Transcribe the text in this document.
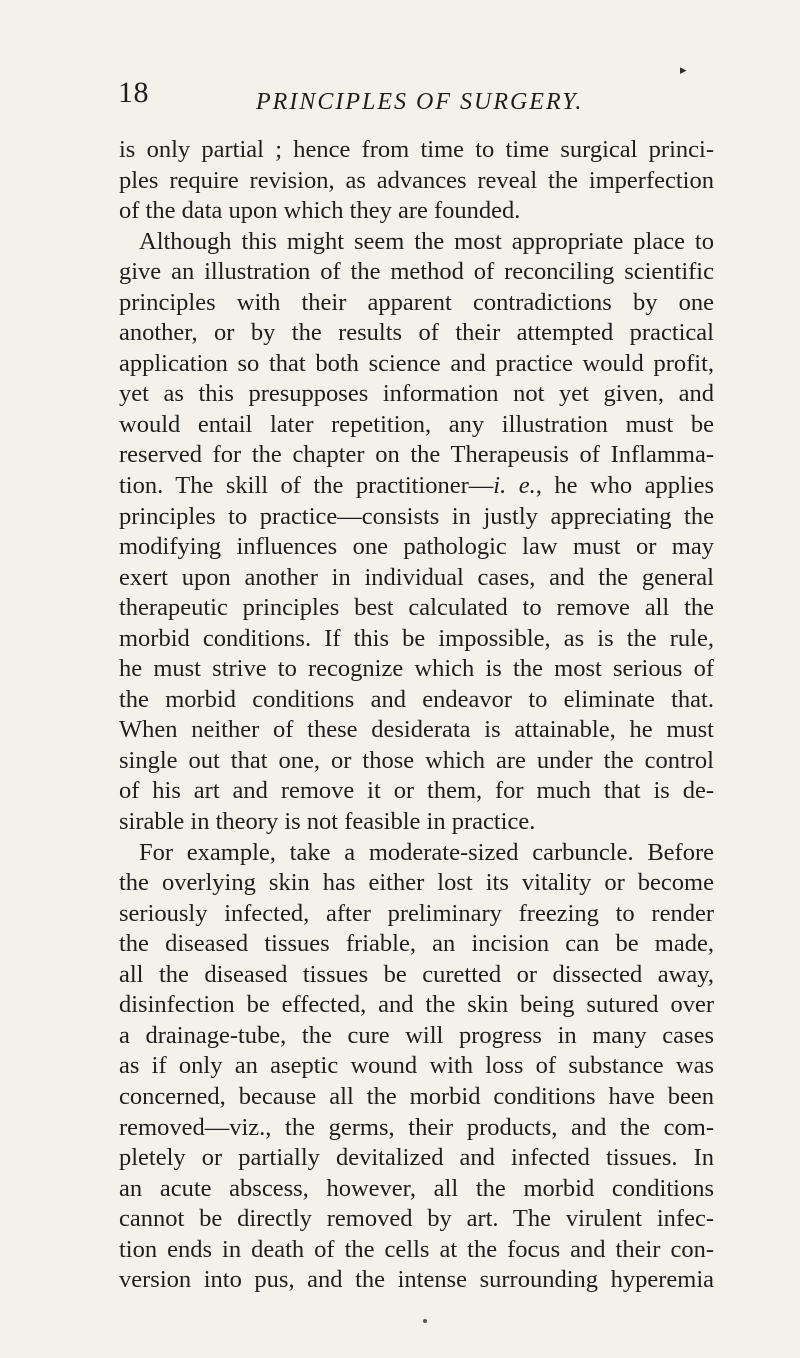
▸
18	PRINCIPLES OF SURGERY.
is only partial ; hence from time to time surgical princi-
ples require revision, as advances reveal the imperfection
of the data upon which they are founded.
Although this might seem the most appropriate place to
give an illustration of the method of reconciling scientific
principles with their apparent contradictions by one
another, or by the results of their attempted practical
application so that both science and practice would profit,
yet as this presupposes information not yet given, and
would entail later repetition, any illustration must be
reserved for the chapter on the Therapeusis of Inflamma-
tion. The skill of the practitioner—i. e., he who applies
principles to practice—consists in justly appreciating the
modifying influences one pathologic law must or may
exert upon another in individual cases, and the general
therapeutic principles best calculated to remove all the
morbid conditions. If this be impossible, as is the rule,
he must strive to recognize which is the most serious of
the morbid conditions and endeavor to eliminate that.
When neither of these desiderata is attainable, he must
single out that one, or those which are under the control
of his art and remove it or them, for much that is de-
sirable in theory is not feasible in practice.
For example, take a moderate-sized carbuncle. Before
the overlying skin has either lost its vitality or become
seriously infected, after preliminary freezing to render
the diseased tissues friable, an incision can be made,
all the diseased tissues be curetted or dissected away,
disinfection be effected, and the skin being sutured over
a drainage-tube, the cure will progress in many cases
as if only an aseptic wound with loss of substance was
concerned, because all the morbid conditions have been
removed—viz., the germs, their products, and the com-
pletely or partially devitalized and infected tissues. In
an acute abscess, however, all the morbid conditions
cannot be directly removed by art. The virulent infec-
tion ends in death of the cells at the focus and their con-
version into pus, and the intense surrounding hyperemia
